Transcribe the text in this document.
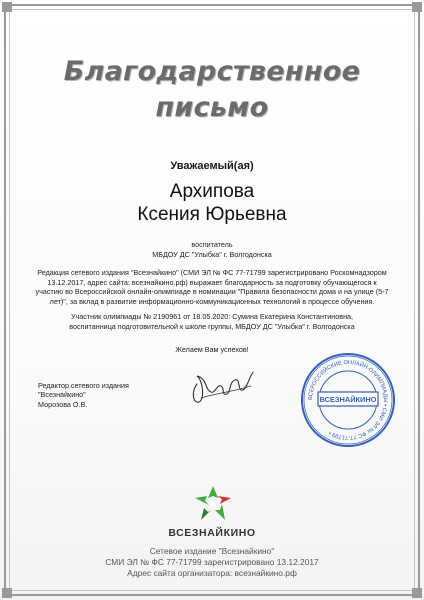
Благодарственное
письмо
Уважаемый(ая)
Архипова
Ксения Юрьевна
воспитатель
МБДОУ ДС "Улыбка" г. Волгодонска
Редакция сетевого издания "Всезнайкино" (СМИ ЭЛ № ФС 77-71799 зарегистрировано Роскомнадзором 13.12.2017, адрес сайта: всезнайкино.рф) выражает благодарность за подготовку обучающегося к участию во Всероссийской онлайн-олимпиаде в номинации "Правила безопасности дома и на улице (5-7 лет)", за вклад в развитие информационно-коммуникационных технологий в процессе обучения.
Участник олимпиады № 2190961 от 18.05.2020: Сумина Екатерина Константиновна,
воспитанница подготовительной к школе группы, МБДОУ ДС "Улыбка" г. Волгодонска
Желаем Вам успехов!
Редактор сетевого издания
"Всезнайкино"
Морозова О.В.
ВСЕРОССИЙСКИЕ ОНЛАЙН-ОЛИМПИАДЫ • СМИ ЭЛ № ФС 77-71799 •
ВСЕЗНАЙКИНО
ВСЕЗНАЙКИНО
Сетевое издание "Всезнайкино"
СМИ ЭЛ № ФС 77-71799 зарегистрировано 13.12.2017
Адрес сайта организатора: всезнайкино.рф
